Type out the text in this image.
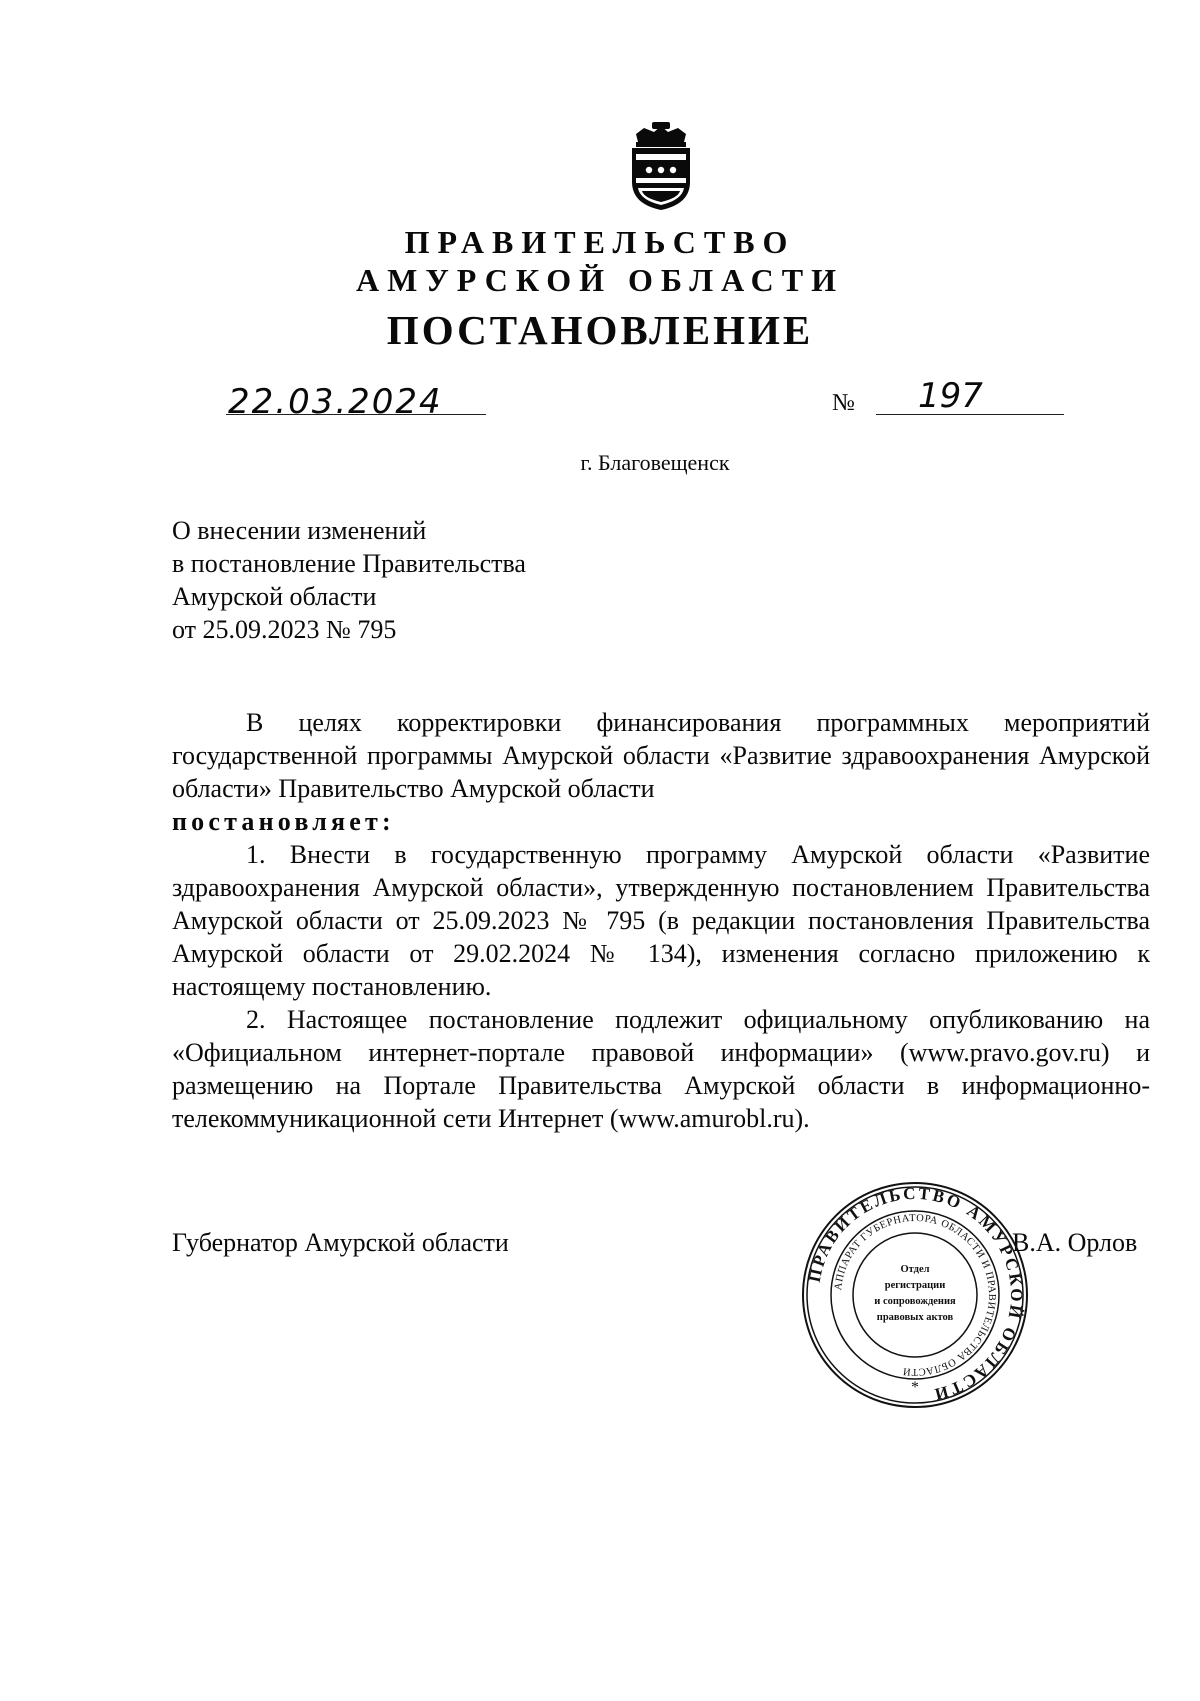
ПРАВИТЕЛЬСТВО
АМУРСКОЙ ОБЛАСТИ
ПОСТАНОВЛЕНИЕ
22.03.2024	№ 197
г. Благовещенск
О внесении изменений
в постановление Правительства
Амурской области
от 25.09.2023 № 795

В целях корректировки финансирования программных мероприятий государственной программы Амурской области «Развитие здравоохранения Амурской области» Правительство Амурской области

постановляет:

1. Внести в государственную программу Амурской области «Развитие здравоохранения Амурской области», утвержденную постановлением Правительства Амурской области от 25.09.2023 № 795 (в редакции постановления Правительства Амурской области от 29.02.2024 № 134), изменения согласно приложению к настоящему постановлению.

2. Настоящее постановление подлежит официальному опубликованию на «Официальном интернет-портале правовой информации» (www.pravo.gov.ru) и размещению на Портале Правительства Амурской области в информационно-телекоммуникационной сети Интернет (www.amurobl.ru).

Губернатор Амурской области	В.А. Орлов
ПРАВИТЕЛЬСТВО АМУРСКОЙ ОБЛАСТИ
АППАРАТ ГУБЕРНАТОРА ОБЛАСТИ И ПРАВИТЕЛЬСТВА ОБЛАСТИ
Отдел
регистрации
и сопровождения
правовых актов
*
